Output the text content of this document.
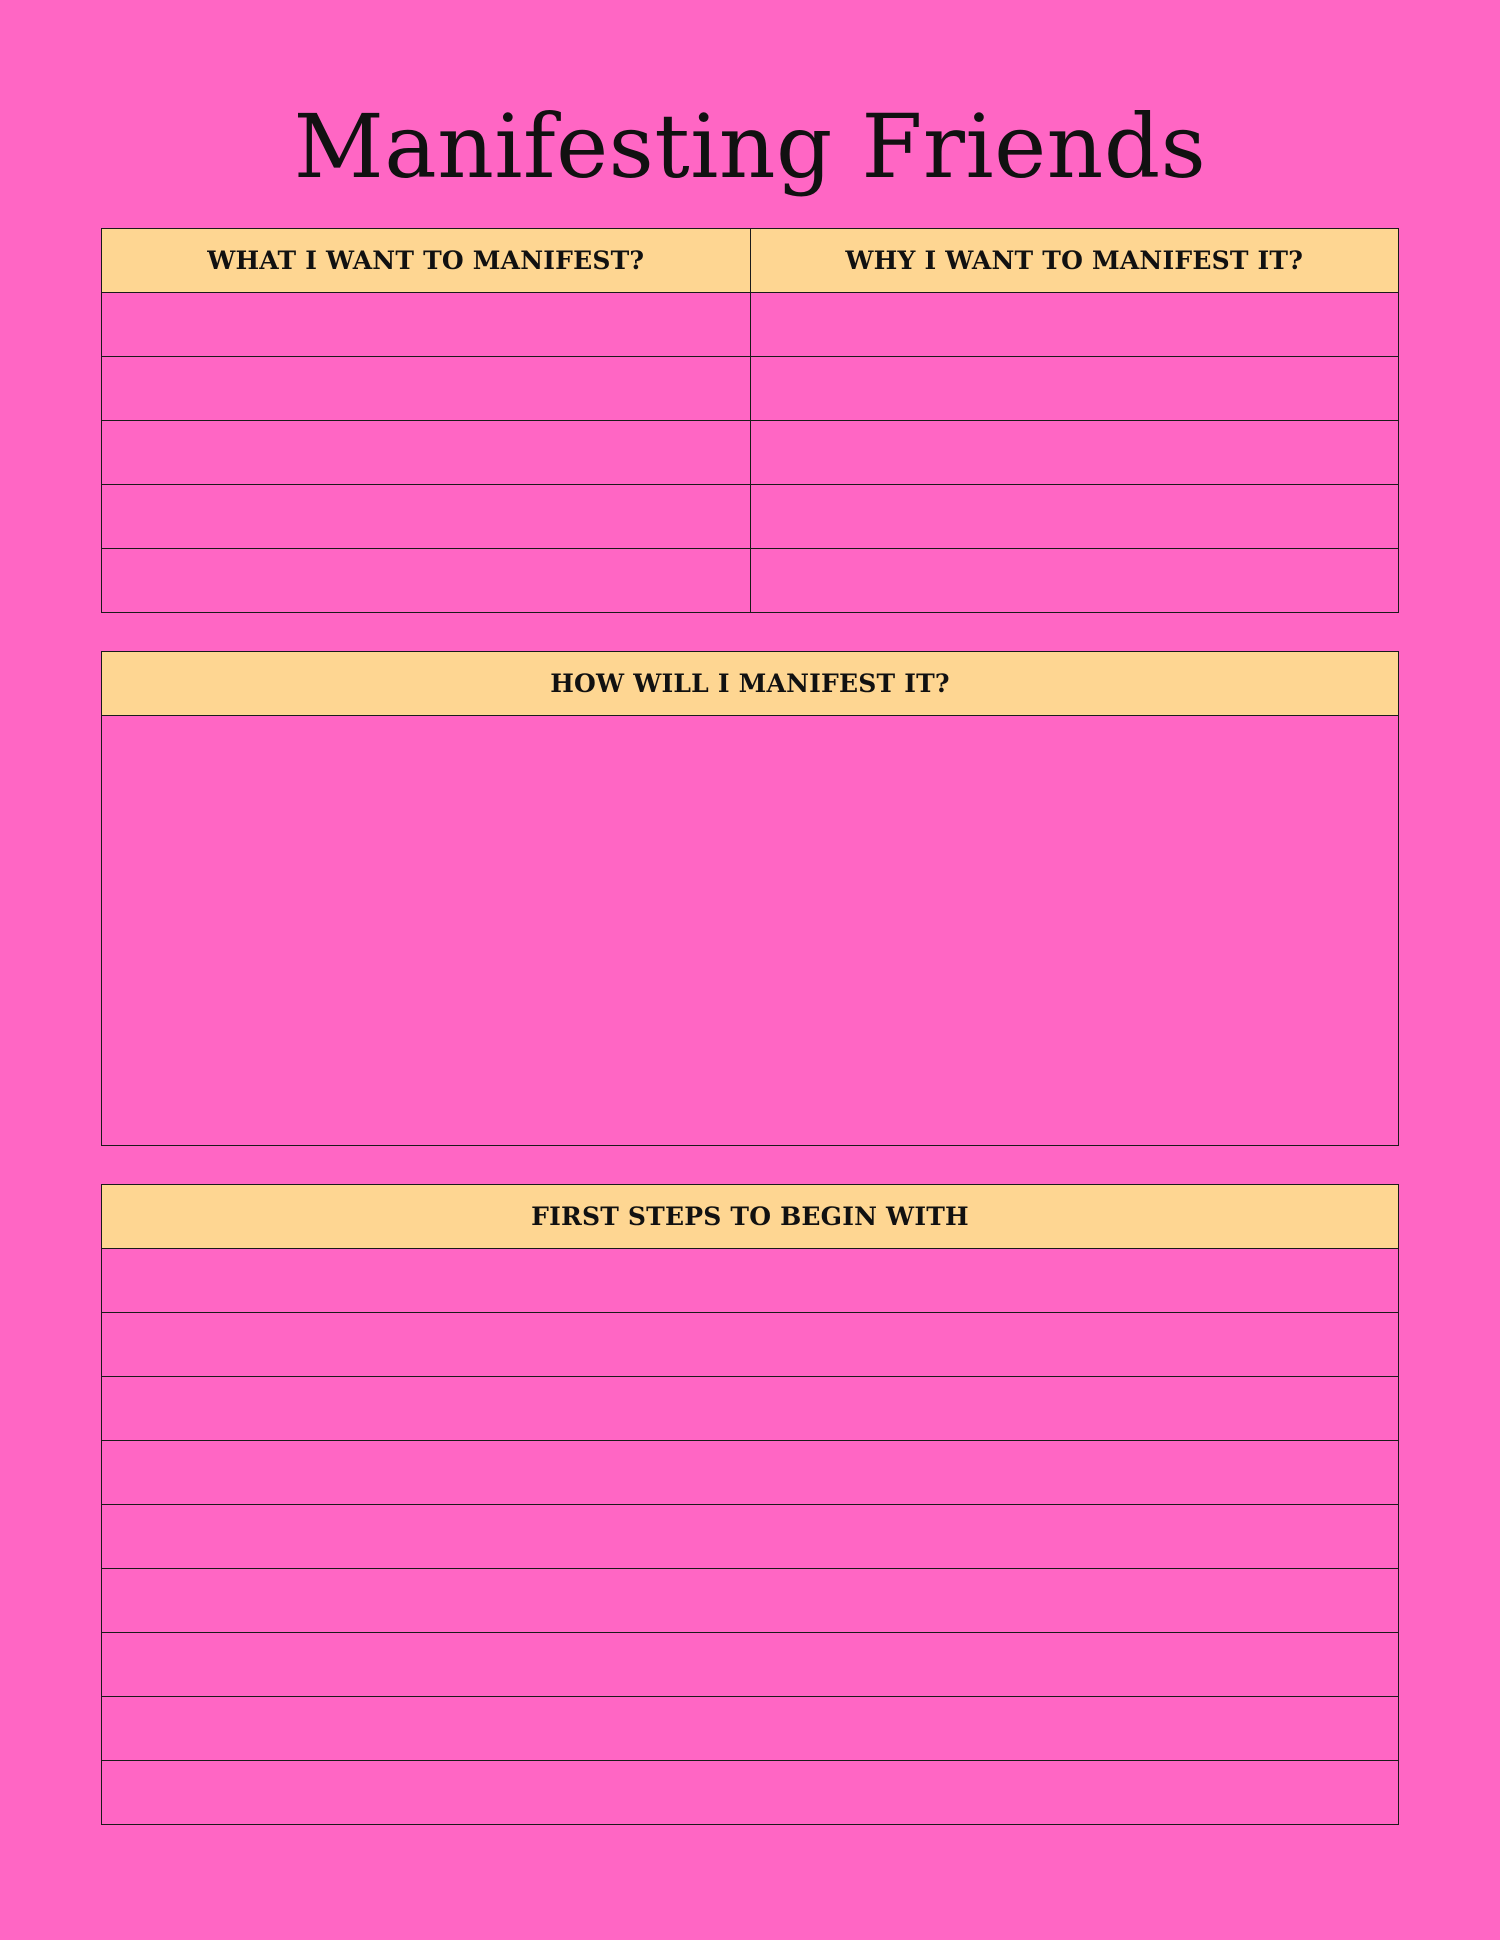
Manifesting Friends
WHAT I WANT TO MANIFEST?	WHY I WANT TO MANIFEST IT?

HOW WILL I MANIFEST IT?

FIRST STEPS TO BEGIN WITH
